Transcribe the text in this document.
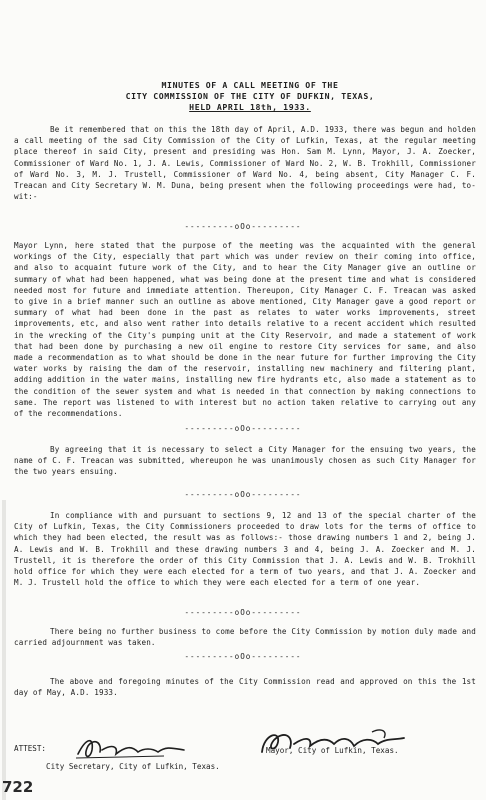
MINUTES OF A CALL MEETING OF THE
CITY COMMISSION OF THE CITY OF DUFKIN, TEXAS,
HELD APRIL 18th, 1933.
Be it remembered that on this the 18th day of April, A.D. 1933, there was begun and holden a call meeting of the sad City Commission of the City of Lufkin, Texas, at the regular meeting place thereof in said City, present and presiding was Hon. Sam M. Lynn, Mayor, J. A. Zoecker, Commissioner of Ward No. 1, J. A. Lewis, Commissioner of Ward No. 2, W. B. Trokhill, Commissioner of Ward No. 3, M. J. Trustell, Commissioner of Ward No. 4, being absent, City Manager C. F. Treacan and City Secretary W. M. Duna, being present when the following proceedings were had, to-wit:-
---------oOo---------
Mayor Lynn, here stated that the purpose of the meeting was the acquainted with the general workings of the City, especially that part which was under review on their coming into office, and also to acquaint future work of the City, and to hear the City Manager give an outline or summary of what had been happened, what was being done at the present time and what is considered needed most for future and immediate attention. Thereupon, City Manager C. F. Treacan was asked to give in a brief manner such an outline as above mentioned, City Manager gave a good report or summary of what had been done in the past as relates to water works improvements, street improvements, etc, and also went rather into details relative to a recent accident which resulted in the wrecking of the City's pumping unit at the City Reservoir, and made a statement of work that had been done by purchasing a new oil engine to restore City services for same, and also made a recommendation as to what should be done in the near future for further improving the City water works by raising the dam of the reservoir, installing new machinery and filtering plant, adding addition in the water mains, installing new fire hydrants etc, also made a statement as to the condition of the sewer system and what is needed in that connection by making connections to same. The report was listened to with interest but no action taken relative to carrying out any of the recommendations.
---------oOo---------
By agreeing that it is necessary to select a City Manager for the ensuing two years, the name of C. F. Treacan was submitted, whereupon he was unanimously chosen as such City Manager for the two years ensuing.
---------oOo---------
In compliance with and pursuant to sections 9, 12 and 13 of the special charter of the City of Lufkin, Texas, the City Commissioners proceeded to draw lots for the terms of office to which they had been elected, the result was as follows:- those drawing numbers 1 and 2, being J. A. Lewis and W. B. Trokhill and these drawing numbers 3 and 4, being J. A. Zoecker and M. J. Trustell, it is therefore the order of this City Commission that J. A. Lewis and W. B. Trokhill hold office for which they were each elected for a term of two years, and that J. A. Zoecker and M. J. Trustell hold the office to which they were each elected for a term of one year.
---------oOo---------
There being no further business to come before the City Commission by motion duly made and carried adjournment was taken.
---------oOo---------
The above and foregoing minutes of the City Commission read and approved on this the 1st day of May, A.D. 1933.
ATTEST:	Mayor, City of Lufkin, Texas.
City Secretary, City of Lufkin, Texas.
722
